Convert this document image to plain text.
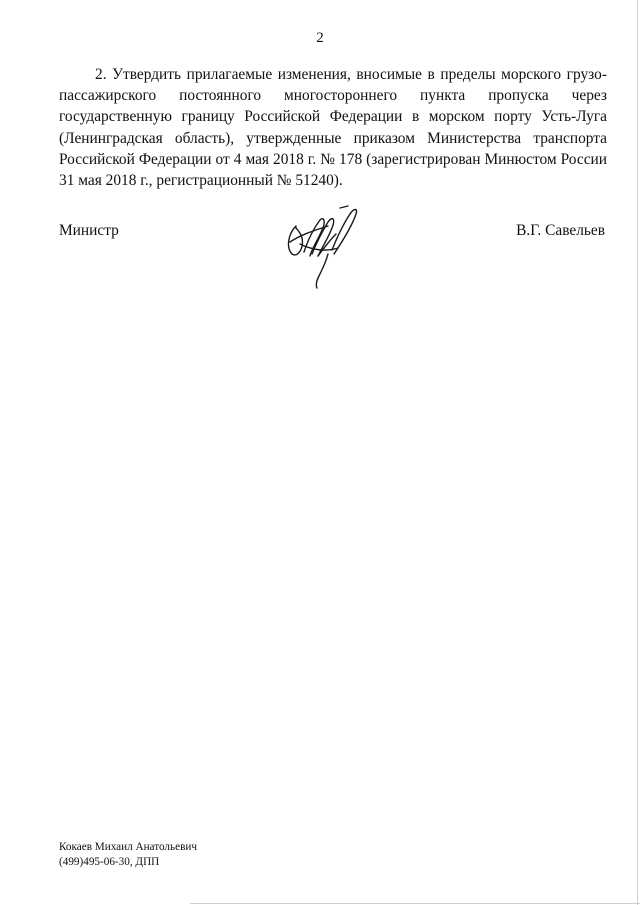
2

2. Утвердить прилагаемые изменения, вносимые в пределы морского грузо-
пассажирского постоянного многостороннего пункта пропуска через
государственную границу Российской Федерации в морском порту Усть-Луга
(Ленинградская область), утвержденные приказом Министерства транспорта
Российской Федерации от 4 мая 2018 г. № 178 (зарегистрирован Минюстом России
31 мая 2018 г., регистрационный № 51240).

Министр	В.Г. Савельев
Кокаев Михаил Анатольевич
(499)495-06-30, ДПП
